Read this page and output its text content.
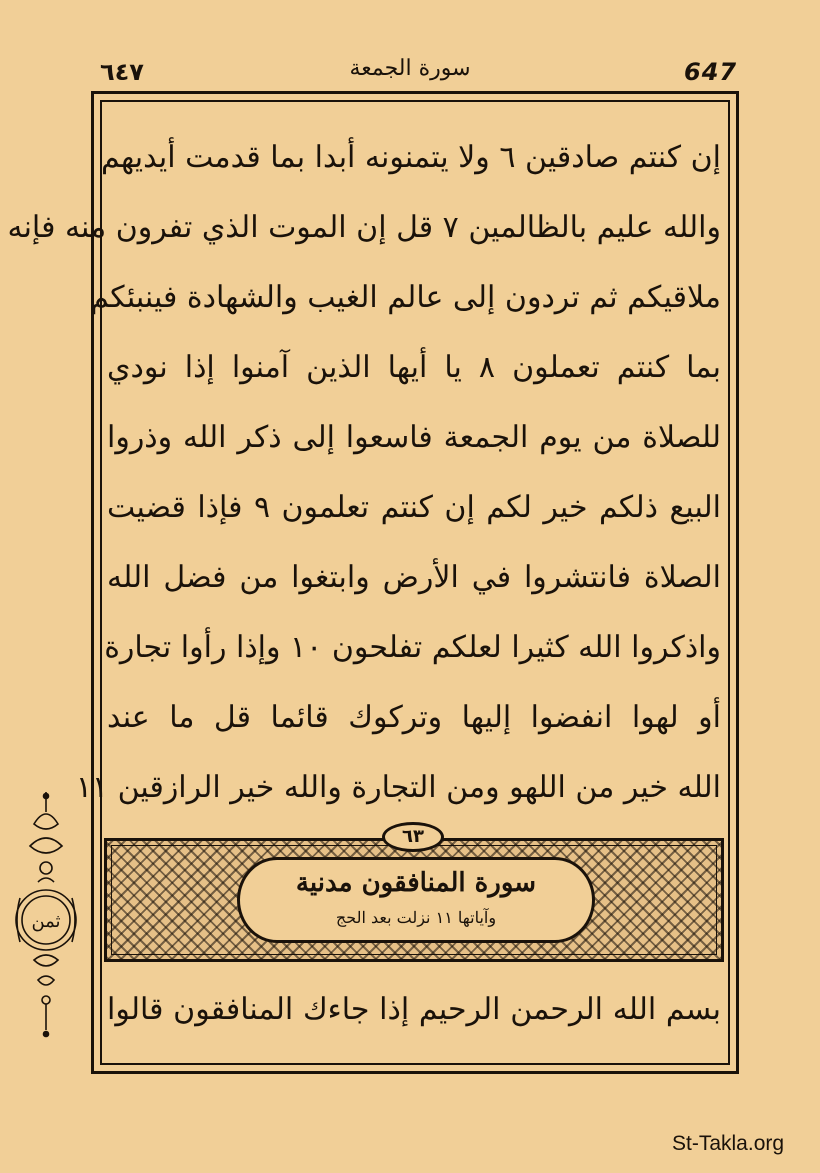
٦٤٧	سورة الجمعة	647
إن كنتم صادقين ٦ ولا يتمنونه أبدا بما قدمت أيديهم
والله عليم بالظالمين ٧ قل إن الموت الذي تفرون منه فإنه
ملاقيكم ثم تردون إلى عالم الغيب والشهادة فينبئكم
بما كنتم تعملون ٨ يا أيها الذين آمنوا إذا نودي
للصلاة من يوم الجمعة فاسعوا إلى ذكر الله وذروا
البيع ذلكم خير لكم إن كنتم تعلمون ٩ فإذا قضيت
الصلاة فانتشروا في الأرض وابتغوا من فضل الله
واذكروا الله كثيرا لعلكم تفلحون ١٠ وإذا رأوا تجارة
أو لهوا انفضوا إليها وتركوك قائما قل ما عند
الله خير من اللهو ومن التجارة والله خير الرازقين ١١
سورة المنافقون مدنية
وآياتها ١١ نزلت بعد الحج
٦٣
بسم الله الرحمن الرحيم إذا جاءك المنافقون قالوا
ثمن
St-Takla.org
